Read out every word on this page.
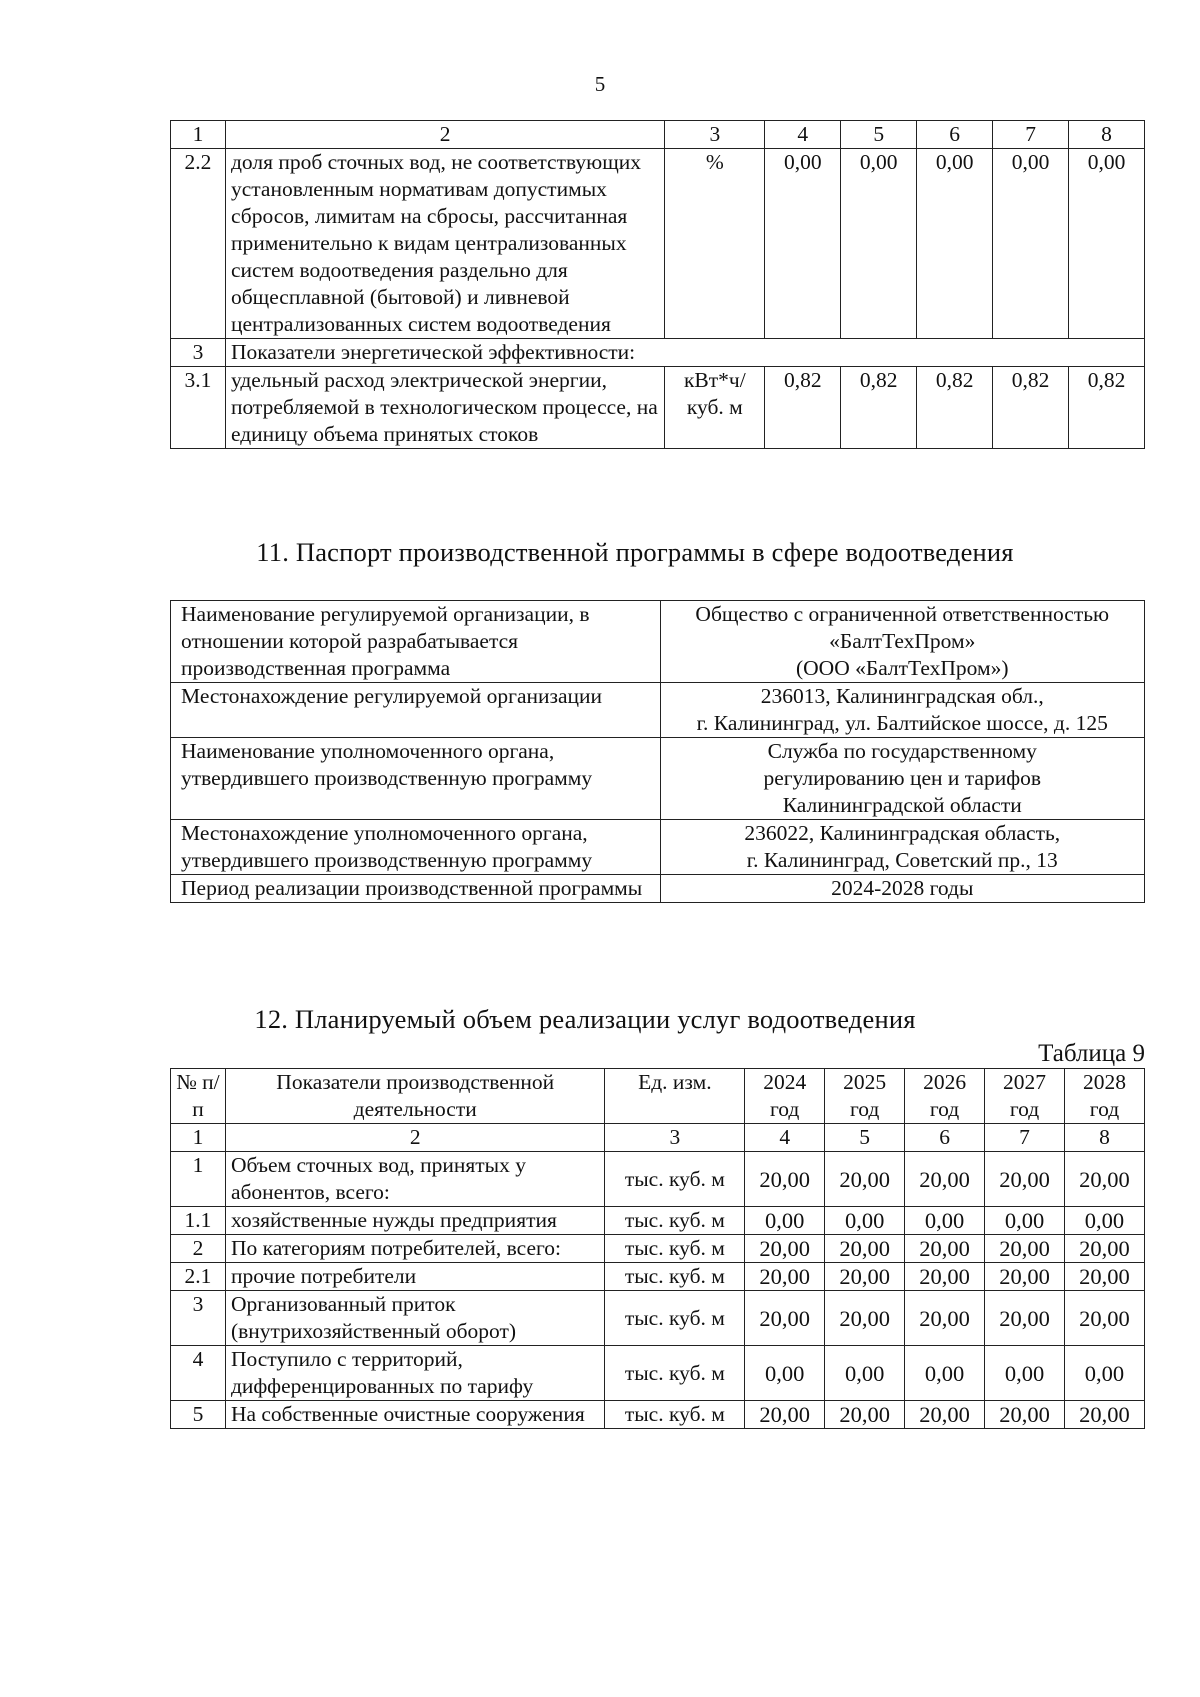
5
1	2	3	4	5	6	7	8
2.2	доля проб сточных вод, не соответствующих установленным нормативам допустимых сбросов, лимитам на сбросы, рассчитанная применительно к видам централизованных систем водоотведения раздельно для общесплавной (бытовой) и ливневой централизованных систем водоотведения	%	0,00	0,00	0,00	0,00	0,00
3	Показатели энергетической эффективности:						
3.1	удельный расход электрической энергии, потребляемой в технологическом процессе, на единицу объема принятых стоков	кВт*ч/ куб. м	0,82	0,82	0,82	0,82	0,82
11. Паспорт производственной программы в сфере водоотведения
Наименование регулируемой организации, в отношении которой разрабатывается производственная программа	Общество с ограниченной ответственностью
«БалтТехПром»
(ООО «БалтТехПром»)

Местонахождение регулируемой организации	236013, Калининградская обл.,
г. Калининград, ул. Балтийское шоссе, д. 125

Наименование уполномоченного органа, утвердившего производственную программу	Служба по государственному
регулированию цен и тарифов
Калининградской области

Местонахождение уполномоченного органа, утвердившего производственную программу	236022, Калининградская область,
г. Калининград, Советский пр., 13

Период реализации производственной программы	2024-2028 годы
12. Планируемый объем реализации услуг водоотведения
Таблица 9
№ п/п	Показатели производственной деятельности	Ед. изм.	2024 год	2025 год	2026 год	2027 год	2028 год
1	2	3	4	5	6	7	8
1	Объем сточных вод, принятых у абонентов, всего:	тыс. куб. м	20,00	20,00	20,00	20,00	20,00
1.1	хозяйственные нужды предприятия	тыс. куб. м	0,00	0,00	0,00	0,00	0,00
2	По категориям потребителей, всего:	тыс. куб. м	20,00	20,00	20,00	20,00	20,00
2.1	прочие потребители	тыс. куб. м	20,00	20,00	20,00	20,00	20,00
3	Организованный приток (внутрихозяйственный оборот)	тыс. куб. м	20,00	20,00	20,00	20,00	20,00
4	Поступило с территорий, дифференцированных по тарифу	тыс. куб. м	0,00	0,00	0,00	0,00	0,00
5	На собственные очистные сооружения	тыс. куб. м	20,00	20,00	20,00	20,00	20,00
